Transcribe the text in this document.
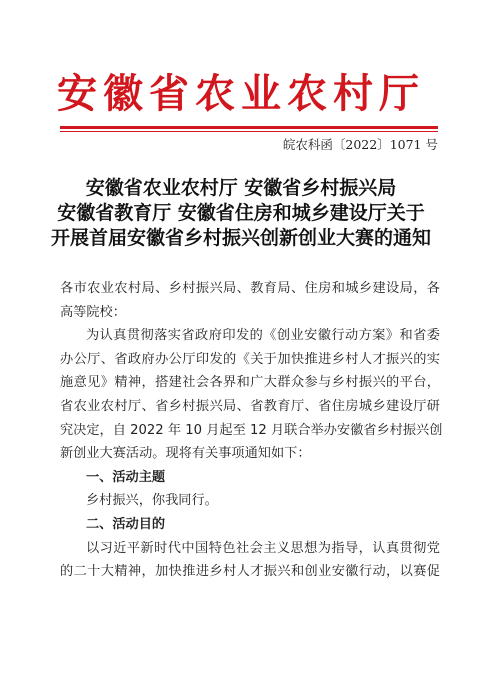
安徽省农业农村厅
皖农科函〔2022〕1071 号
安徽省农业农村厅 安徽省乡村振兴局
安徽省教育厅 安徽省住房和城乡建设厅关于
开展首届安徽省乡村振兴创新创业大赛的通知

各市农业农村局、乡村振兴局、教育局、住房和城乡建设局，各
高等院校：

为认真贯彻落实省政府印发的《创业安徽行动方案》和省委
办公厅、省政府办公厅印发的《关于加快推进乡村人才振兴的实
施意见》精神，搭建社会各界和广大群众参与乡村振兴的平台，
省农业农村厅、省乡村振兴局、省教育厅、省住房城乡建设厅研
究决定，自 2022 年 10 月起至 12 月联合举办安徽省乡村振兴创
新创业大赛活动。现将有关事项通知如下：

一、活动主题

乡村振兴，你我同行。

二、活动目的

以习近平新时代中国特色社会主义思想为指导，认真贯彻党
的二十大精神，加快推进乡村人才振兴和创业安徽行动，以赛促
